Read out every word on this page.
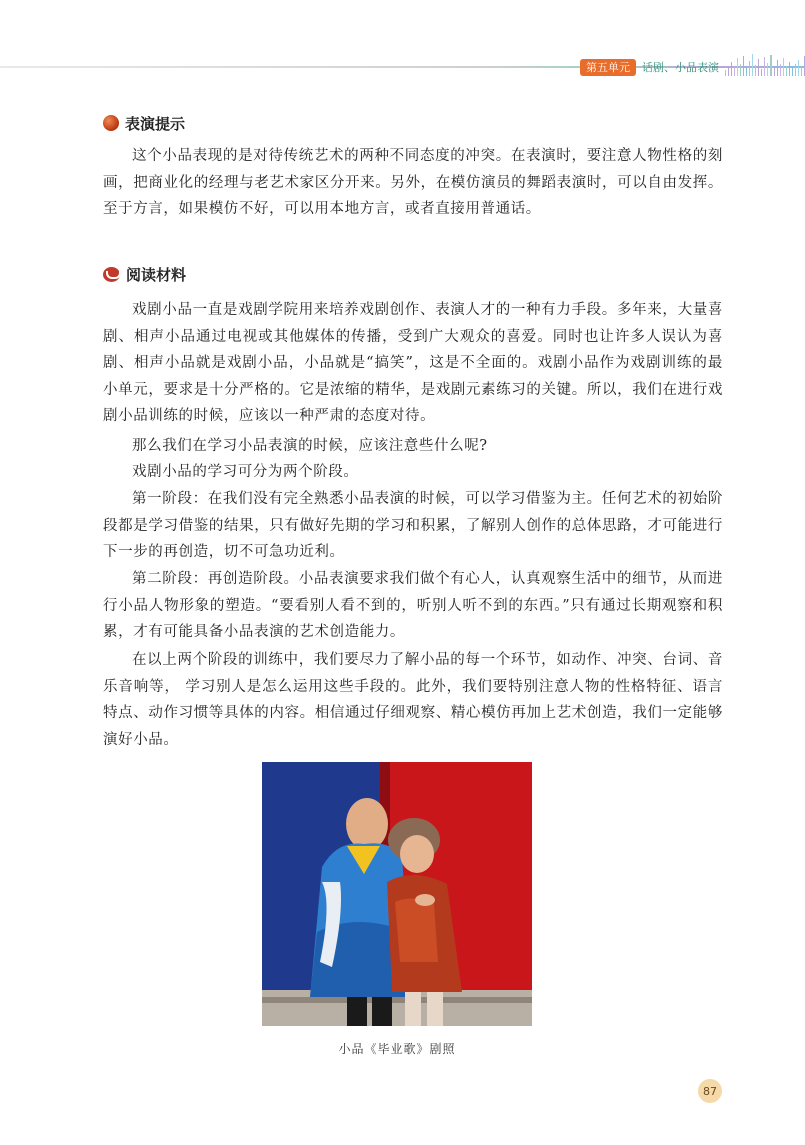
第五单元	话剧、小品表演
表演提示

这个小品表现的是对待传统艺术的两种不同态度的冲突。在表演时，要注意人物性格的刻画，把商业化的经理与老艺术家区分开来。另外，在模仿演员的舞蹈表演时，可以自由发挥。至于方言，如果模仿不好，可以用本地方言，或者直接用普通话。

阅读材料

戏剧小品一直是戏剧学院用来培养戏剧创作、表演人才的一种有力手段。多年来，大量喜剧、相声小品通过电视或其他媒体的传播，受到广大观众的喜爱。同时也让许多人误认为喜剧、相声小品就是戏剧小品，小品就是“搞笑”，这是不全面的。戏剧小品作为戏剧训练的最小单元，要求是十分严格的。它是浓缩的精华，是戏剧元素练习的关键。所以，我们在进行戏剧小品训练的时候，应该以一种严肃的态度对待。

那么我们在学习小品表演的时候，应该注意些什么呢?

戏剧小品的学习可分为两个阶段。

第一阶段：在我们没有完全熟悉小品表演的时候，可以学习借鉴为主。任何艺术的初始阶段都是学习借鉴的结果，只有做好先期的学习和积累，了解别人创作的总体思路，才可能进行下一步的再创造，切不可急功近利。

第二阶段：再创造阶段。小品表演要求我们做个有心人，认真观察生活中的细节，从而进行小品人物形象的塑造。“要看别人看不到的，听别人听不到的东西。”只有通过长期观察和积累，才有可能具备小品表演的艺术创造能力。

在以上两个阶段的训练中，我们要尽力了解小品的每一个环节，如动作、冲突、台词、音乐音响等， 学习别人是怎么运用这些手段的。此外，我们要特别注意人物的性格特征、语言特点、动作习惯等具体的内容。相信通过仔细观察、精心模仿再加上艺术创造，我们一定能够演好小品。

小品《毕业歌》剧照
87
